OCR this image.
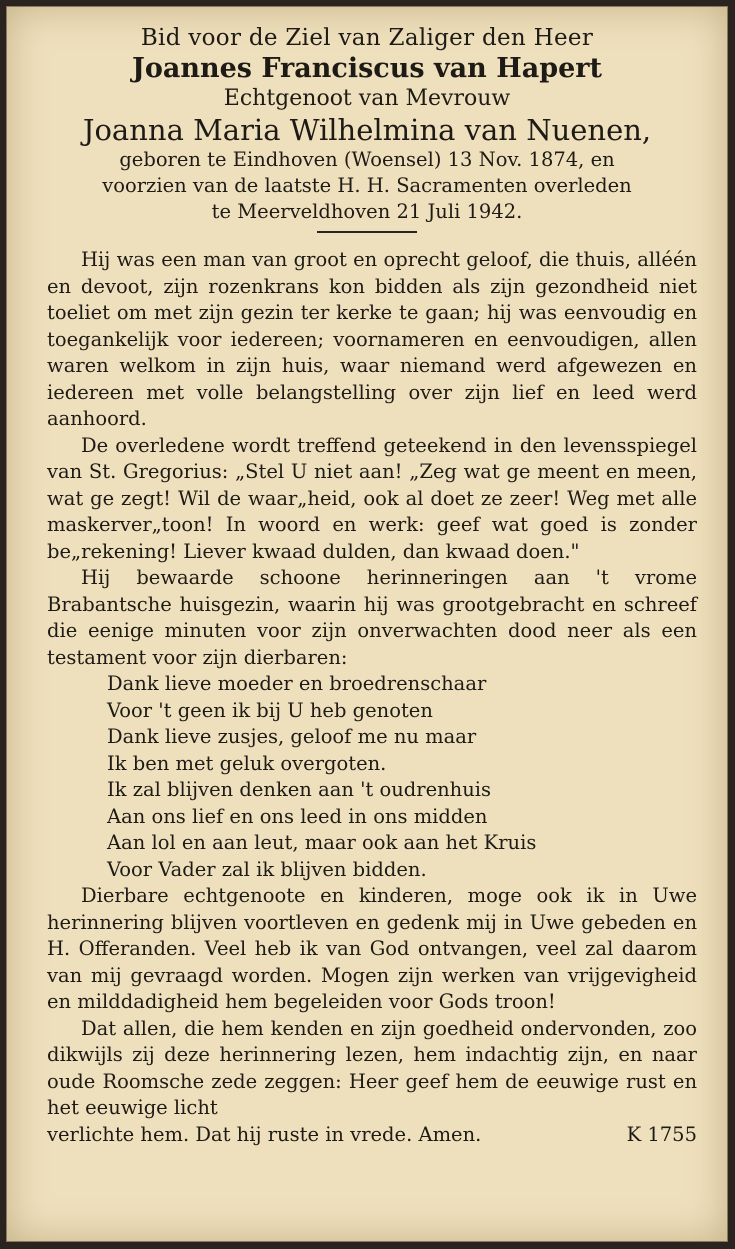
Bid voor de Ziel van Zaliger den Heer
Joannes Franciscus van Hapert
Echtgenoot van Mevrouw
Joanna Maria Wilhelmina van Nuenen,
geboren te Eindhoven (Woensel) 13 Nov. 1874, en
voorzien van de laatste H. H. Sacramenten overleden
te Meerveldhoven 21 Juli 1942.

Hij was een man van groot en oprecht geloof, die thuis, alléén en devoot, zijn rozenkrans kon bidden als zijn gezondheid niet toeliet om met zijn gezin ter kerke te gaan; hij was eenvoudig en toegankelijk voor iedereen; voornameren en eenvoudigen, allen waren welkom in zijn huis, waar niemand werd afgewezen en iedereen met volle belangstelling over zijn lief en leed werd aanhoord.

De overledene wordt treffend geteekend in den levensspiegel van St. Gregorius: „Stel U niet aan! „Zeg wat ge meent en meen, wat ge zegt! Wil de waar„heid, ook al doet ze zeer! Weg met alle maskerver„toon! In woord en werk: geef wat goed is zonder be„rekening! Liever kwaad dulden, dan kwaad doen."

Hij bewaarde schoone herinneringen aan 't vrome Brabantsche huisgezin, waarin hij was grootgebracht en schreef die eenige minuten voor zijn onverwachten dood neer als een testament voor zijn dierbaren:

Dank lieve moeder en broedrenschaar
Voor 't geen ik bij U heb genoten
Dank lieve zusjes, geloof me nu maar
Ik ben met geluk overgoten.
Ik zal blijven denken aan 't oudrenhuis
Aan ons lief en ons leed in ons midden
Aan lol en aan leut, maar ook aan het Kruis
Voor Vader zal ik blijven bidden.

Dierbare echtgenoote en kinderen, moge ook ik in Uwe herinnering blijven voortleven en gedenk mij in Uwe gebeden en H. Offeranden. Veel heb ik van God ontvangen, veel zal daarom van mij gevraagd worden. Mogen zijn werken van vrijgevigheid en milddadigheid hem begeleiden voor Gods troon!

Dat allen, die hem kenden en zijn goedheid ondervonden, zoo dikwijls zij deze herinnering lezen, hem indachtig zijn, en naar oude Roomsche zede zeggen: Heer geef hem de eeuwige rust en het eeuwige licht

verlichte hem. Dat hij ruste in vrede. Amen.	K 1755
